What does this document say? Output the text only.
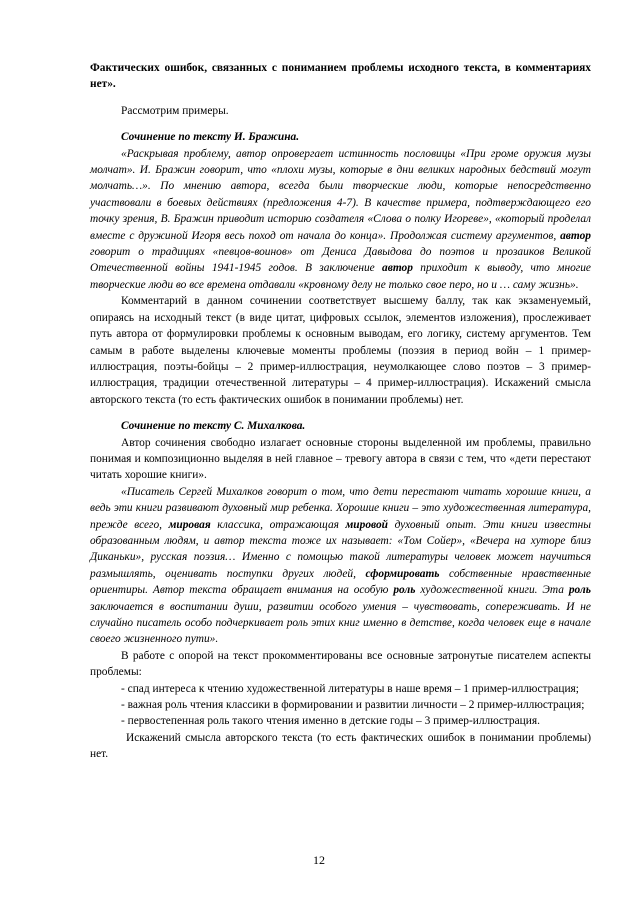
Фактических ошибок, связанных с пониманием проблемы исходного текста, в комментариях нет».

Рассмотрим примеры.

Сочинение по тексту И. Бражина.

«Раскрывая проблему, автор опровергает истинность пословицы «При громе оружия музы молчат». И. Бражин говорит, что «плохи музы, которые в дни великих народных бедствий могут молчать…». По мнению автора, всегда были творческие люди, которые непосредственно участвовали в боевых действиях (предложения 4-7). В качестве примера, подтверждающего его точку зрения, В. Бражин приводит историю создателя «Слова о полку Игореве», «который проделал вместе с дружиной Игоря весь поход от начала до конца». Продолжая систему аргументов, автор говорит о традициях «певцов-воинов» от Дениса Давыдова до поэтов и прозаиков Великой Отечественной войны 1941-1945 годов. В заключение автор приходит к выводу, что многие творческие люди во все времена отдавали «кровному делу не только свое перо, но и … саму жизнь».

Комментарий в данном сочинении соответствует высшему баллу, так как экзаменуемый, опираясь на исходный текст (в виде цитат, цифровых ссылок, элементов изложения), прослеживает путь автора от формулировки проблемы к основным выводам, его логику, систему аргументов. Тем самым в работе выделены ключевые моменты проблемы (поэзия в период войн – 1 пример-иллюстрация, поэты-бойцы – 2 пример-иллюстрация, неумолкающее слово поэтов – 3 пример-иллюстрация, традиции отечественной литературы – 4 пример-иллюстрация). Искажений смысла авторского текста (то есть фактических ошибок в понимании проблемы) нет.

Сочинение по тексту С. Михалкова.

Автор сочинения свободно излагает основные стороны выделенной им проблемы, правильно понимая и композиционно выделяя в ней главное – тревогу автора в связи с тем, что «дети перестают читать хорошие книги».

«Писатель Сергей Михалков говорит о том, что дети перестают читать хорошие книги, а ведь эти книги развивают духовный мир ребенка. Хорошие книги – это художественная литература, прежде всего, мировая классика, отражающая мировой духовный опыт. Эти книги известны образованным людям, и автор текста тоже их называет: «Том Сойер», «Вечера на хуторе близ Диканьки», русская поэзия… Именно с помощью такой литературы человек может научиться размышлять, оценивать поступки других людей, сформировать собственные нравственные ориентиры. Автор текста обращает внимания на особую роль художественной книги. Эта роль заключается в воспитании души, развитии особого умения – чувствовать, сопереживать. И не случайно писатель особо подчеркивает роль этих книг именно в детстве, когда человек еще в начале своего жизненного пути».

В работе с опорой на текст прокомментированы все основные затронутые писателем аспекты проблемы:

- спад интереса к чтению художественной литературы в наше время – 1 пример-иллюстрация;

- важная роль чтения классики в формировании и развитии личности – 2 пример-иллюстрация;

- первостепенная роль такого чтения именно в детские годы – 3 пример-иллюстрация.

Искажений смысла авторского текста (то есть фактических ошибок в понимании проблемы) нет.

12
